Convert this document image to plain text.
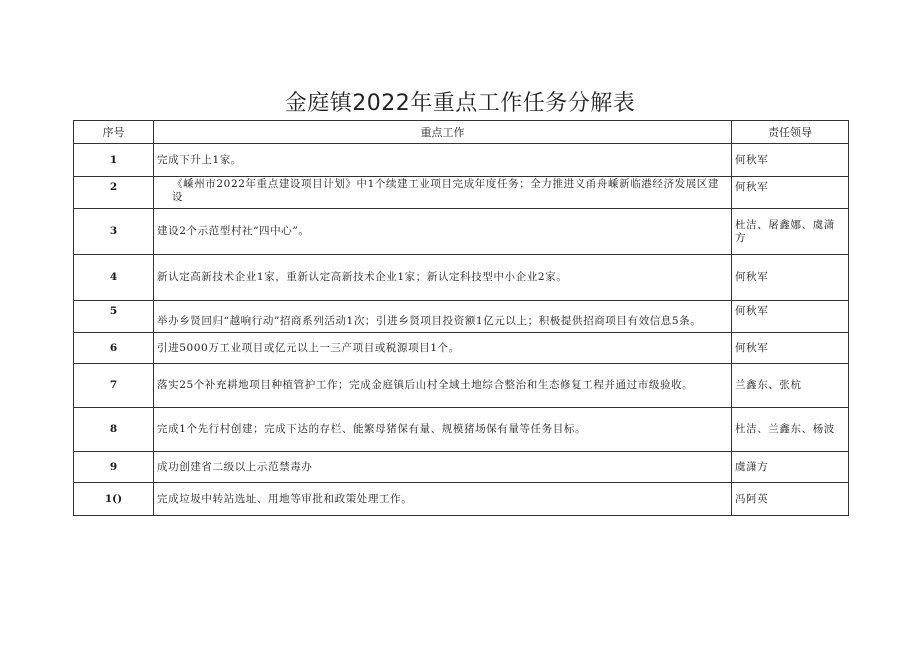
金庭镇2022年重点工作任务分解表
序号	重点工作	责任领导
1	完成下升上1家。	何秋军
2	《嵊州市2022年重点建设项目计划》中1个续建工业项目完成年度任务；全力推进义甬舟嵊新临港经济发展区建设	何秋军
3	建设2个示范型村社“四中心”。	杜洁、屠鑫娜、虞潇方
4	新认定高新技术企业1家，重新认定高新技术企业1家；新认定科技型中小企业2家。	何秋军
5	举办乡贤回归“越响行动”招商系列活动1次；引进乡贤项目投资额1亿元以上；积极提供招商项目有效信息5条。	何秋军
6	引进5000万工业项目或亿元以上一三产项目或税源项目1个。	何秋军
7	落实25个补充耕地项目种植管护工作；完成金庭镇后山村全域土地综合整治和生态修复工程并通过市级验收。	兰鑫东、张杭
8	完成1个先行村创建；完成下达的存栏、能繁母猪保有量、规模猪场保有量等任务目标。	杜洁、兰鑫东、杨波
9	成功创建省二级以上示范禁毒办	虞潇方
1()	完成垃圾中转站选址、用地等审批和政策处理工作。	冯阿英
